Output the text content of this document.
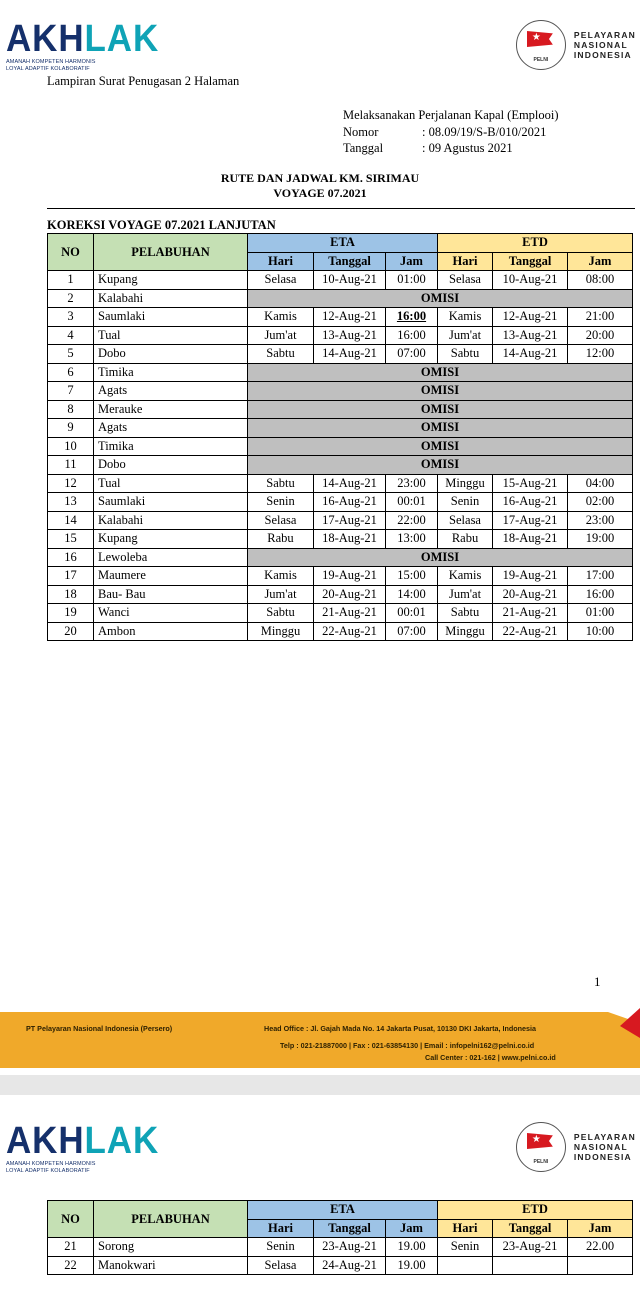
AKHLAK
AMANAH KOMPETEN HARMONIS
LOYAL ADAPTIF KOLABORATIF
★
PELNI
PELAYARAN
NASIONAL
INDONESIA
Lampiran Surat Penugasan 2 Halaman
Melaksanakan Perjalanan Kapal (Emplooi)
Nomor	: 08.09/19/S-B/010/2021
Tanggal	: 09 Agustus 2021
RUTE DAN JADWAL KM. SIRIMAU
VOYAGE 07.2021
KOREKSI VOYAGE 07.2021 LANJUTAN
NO	PELABUHAN	ETA			ETD		
		Hari	Tanggal	Jam	Hari	Tanggal	Jam
1	Kupang	Selasa	10-Aug-21	01:00	Selasa	10-Aug-21	08:00
2	Kalabahi	OMISI					
3	Saumlaki	Kamis	12-Aug-21	16:00	Kamis	12-Aug-21	21:00
4	Tual	Jum'at	13-Aug-21	16:00	Jum'at	13-Aug-21	20:00
5	Dobo	Sabtu	14-Aug-21	07:00	Sabtu	14-Aug-21	12:00
6	Timika	OMISI					
7	Agats	OMISI					
8	Merauke	OMISI					
9	Agats	OMISI					
10	Timika	OMISI					
11	Dobo	OMISI					
12	Tual	Sabtu	14-Aug-21	23:00	Minggu	15-Aug-21	04:00
13	Saumlaki	Senin	16-Aug-21	00:01	Senin	16-Aug-21	02:00
14	Kalabahi	Selasa	17-Aug-21	22:00	Selasa	17-Aug-21	23:00
15	Kupang	Rabu	18-Aug-21	13:00	Rabu	18-Aug-21	19:00
16	Lewoleba	OMISI					
17	Maumere	Kamis	19-Aug-21	15:00	Kamis	19-Aug-21	17:00
18	Bau- Bau	Jum'at	20-Aug-21	14:00	Jum'at	20-Aug-21	16:00
19	Wanci	Sabtu	21-Aug-21	00:01	Sabtu	21-Aug-21	01:00
20	Ambon	Minggu	22-Aug-21	07:00	Minggu	22-Aug-21	10:00
1
PT Pelayaran Nasional Indonesia (Persero)	Head Office : Jl. Gajah Mada No. 14 Jakarta Pusat, 10130 DKI Jakarta, Indonesia
Telp : 021-21887000 | Fax : 021-63854130 | Email : infopelni162@pelni.co.id
Call Center : 021-162 | www.pelni.co.id
AKHLAK
AMANAH KOMPETEN HARMONIS
LOYAL ADAPTIF KOLABORATIF
★
PELNI
PELAYARAN
NASIONAL
INDONESIA
NO	PELABUHAN	ETA			ETD		
		Hari	Tanggal	Jam	Hari	Tanggal	Jam
21	Sorong	Senin	23-Aug-21	19.00	Senin	23-Aug-21	22.00
22	Manokwari	Selasa	24-Aug-21	19.00			
